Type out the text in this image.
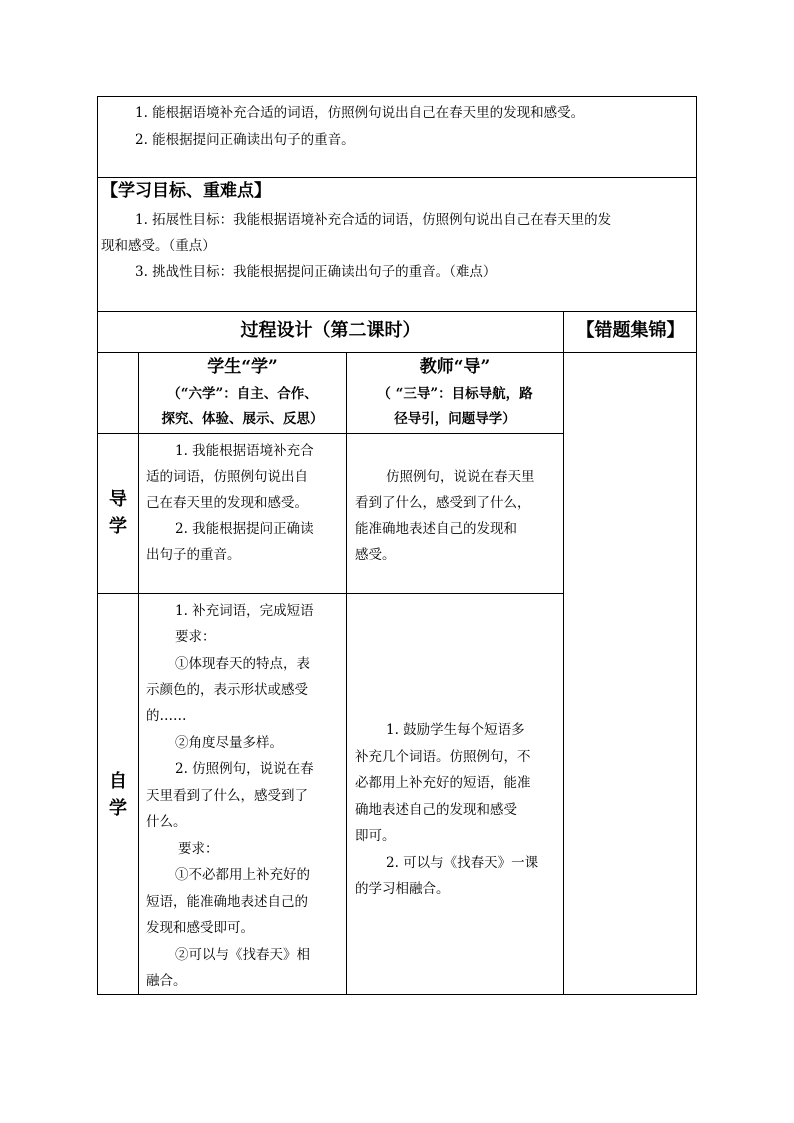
1. 能根据语境补充合适的词语，仿照例句说出自己在春天里的发现和感受。
2. 能根据提问正确读出句子的重音。
【学习目标、重难点】
1. 拓展性目标：我能根据语境补充合适的词语，仿照例句说出自己在春天里的发
现和感受。（重点）
3. 挑战性目标：我能根据提问正确读出句子的重音。（难点）
过程设计（第二课时）	【错题集锦】
学生“学”
（“六学”：自主、合作、
探究、体验、展示、反思）
教师“导”
（ “三导”：目标导航，路
径导引，问题导学）
导
学
1. 我能根据语境补充合
适的词语，仿照例句说出自
己在春天里的发现和感受。
2. 我能根据提问正确读
出句子的重音。
仿照例句，说说在春天里
看到了什么，感受到了什么，
能准确地表述自己的发现和
感受。
自
学
1. 补充词语，完成短语
要求：
①体现春天的特点，表
示颜色的，表示形状或感受
的……
②角度尽量多样。
2. 仿照例句，说说在春
天里看到了什么，感受到了
什么。
要求：
①不必都用上补充好的
短语，能准确地表述自己的
发现和感受即可。
②可以与《找春天》相
融合。
1. 鼓励学生每个短语多
补充几个词语。仿照例句，不
必都用上补充好的短语，能准
确地表述自己的发现和感受
即可。
2. 可以与《找春天》一课
的学习相融合。
